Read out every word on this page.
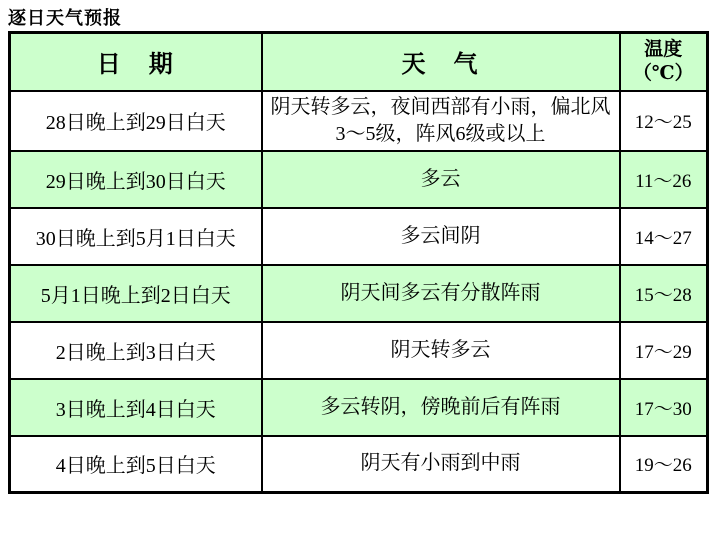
逐日天气预报
日　期	天　气	温度
（℃）
28日晚上到29日白天	阴天转多云，夜间西部有小雨，偏北风3～5级，阵风6级或以上	12～25
29日晚上到30日白天	多云	11～26
30日晚上到5月1日白天	多云间阴	14～27
5月1日晚上到2日白天	阴天间多云有分散阵雨	15～28
2日晚上到3日白天	阴天转多云	17～29
3日晚上到4日白天	多云转阴，傍晚前后有阵雨	17～30
4日晚上到5日白天	阴天有小雨到中雨	19～26
